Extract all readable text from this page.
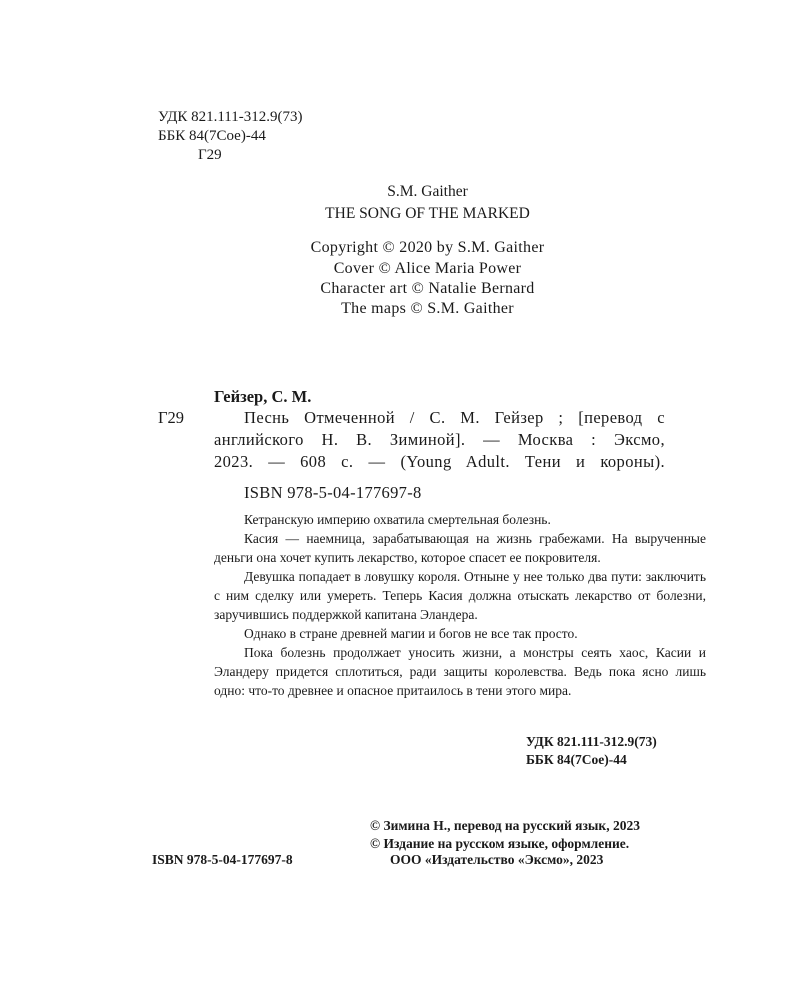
УДК 821.111-312.9(73)
ББК 84(7Сое)-44
Г29
S.M. Gaither
THE SONG OF THE MARKED
Copyright © 2020 by S.M. Gaither
Cover © Alice Maria Power
Character art © Natalie Bernard
The maps © S.M. Gaither
Гейзер, С. М.
Г29	Песнь Отмеченной / С. М. Гейзер ; [перевод с
английского Н. В. Зиминой]. — Москва : Эксмо,
2023. — 608 с. — (Young Adult. Тени и короны).
ISBN 978-5-04-177697-8

Кетранскую империю охватила смертельная болезнь.

Касия — наемница, зарабатывающая на жизнь грабежами. На вырученные деньги она хочет купить лекарство, которое спасет ее покровителя.

Девушка попадает в ловушку короля. Отныне у нее только два пути: заключить с ним сделку или умереть. Теперь Касия должна отыскать лекарство от болезни, заручившись поддержкой капитана Эландера.

Однако в стране древней магии и богов не все так просто.

Пока болезнь продолжает уносить жизни, а монстры сеять хаос, Касии и Эландеру придется сплотиться, ради защиты королевства. Ведь пока ясно лишь одно: что-то древнее и опасное притаилось в тени этого мира.

УДК 821.111-312.9(73)
ББК 84(7Сое)-44
© Зимина Н., перевод на русский язык, 2023
© Издание на русском языке, оформление.
ISBN 978-5-04-177697-8	ООО «Издательство «Эксмо», 2023
